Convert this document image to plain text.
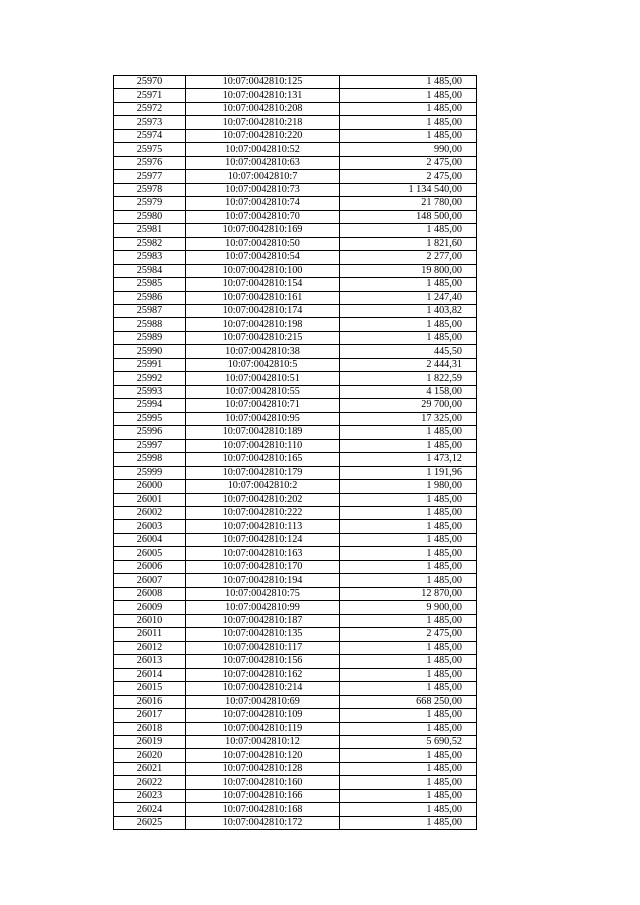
25970	10:07:0042810:125	1 485,00
25971	10:07:0042810:131	1 485,00
25972	10:07:0042810:208	1 485,00
25973	10:07:0042810:218	1 485,00
25974	10:07:0042810:220	1 485,00
25975	10:07:0042810:52	990,00
25976	10:07:0042810:63	2 475,00
25977	10:07:0042810:7	2 475,00
25978	10:07:0042810:73	1 134 540,00
25979	10:07:0042810:74	21 780,00
25980	10:07:0042810:70	148 500,00
25981	10:07:0042810:169	1 485,00
25982	10:07:0042810:50	1 821,60
25983	10:07:0042810:54	2 277,00
25984	10:07:0042810:100	19 800,00
25985	10:07:0042810:154	1 485,00
25986	10:07:0042810:161	1 247,40
25987	10:07:0042810:174	1 403,82
25988	10:07:0042810:198	1 485,00
25989	10:07:0042810:215	1 485,00
25990	10:07:0042810:38	445,50
25991	10:07:0042810:5	2 444,31
25992	10:07:0042810:51	1 822,59
25993	10:07:0042810:55	4 158,00
25994	10:07:0042810:71	29 700,00
25995	10:07:0042810:95	17 325,00
25996	10:07:0042810:189	1 485,00
25997	10:07:0042810:110	1 485,00
25998	10:07:0042810:165	1 473,12
25999	10:07:0042810:179	1 191,96
26000	10:07:0042810:2	1 980,00
26001	10:07:0042810:202	1 485,00
26002	10:07:0042810:222	1 485,00
26003	10:07:0042810:113	1 485,00
26004	10:07:0042810:124	1 485,00
26005	10:07:0042810:163	1 485,00
26006	10:07:0042810:170	1 485,00
26007	10:07:0042810:194	1 485,00
26008	10:07:0042810:75	12 870,00
26009	10:07:0042810:99	9 900,00
26010	10:07:0042810:187	1 485,00
26011	10:07:0042810:135	2 475,00
26012	10:07:0042810:117	1 485,00
26013	10:07:0042810:156	1 485,00
26014	10:07:0042810:162	1 485,00
26015	10:07:0042810:214	1 485,00
26016	10:07:0042810:69	668 250,00
26017	10:07:0042810:109	1 485,00
26018	10:07:0042810:119	1 485,00
26019	10:07:0042810:12	5 690,52
26020	10:07:0042810:120	1 485,00
26021	10:07:0042810:128	1 485,00
26022	10:07:0042810:160	1 485,00
26023	10:07:0042810:166	1 485,00
26024	10:07:0042810:168	1 485,00
26025	10:07:0042810:172	1 485,00
